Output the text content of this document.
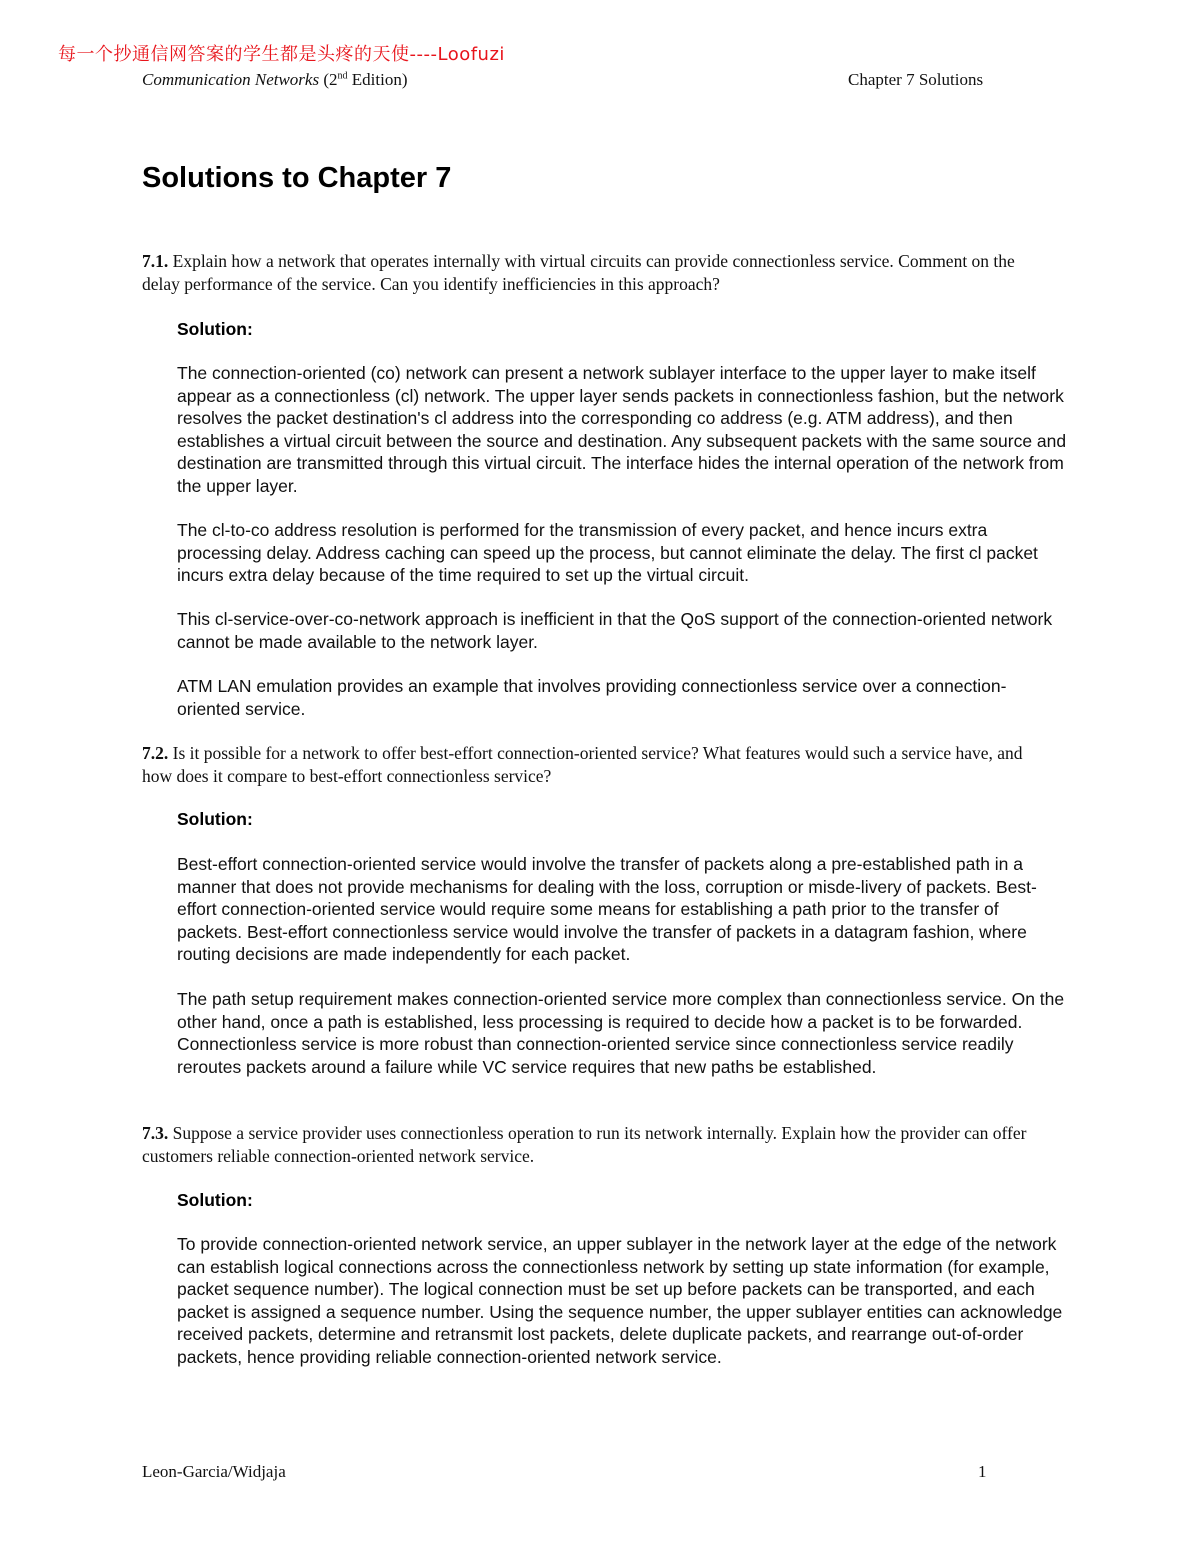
每一个抄通信网答案的学生都是头疼的天使----Loofuzi
Communication Networks (2nd Edition)	Chapter 7 Solutions
Solutions to Chapter 7
7.1. Explain how a network that operates internally with virtual circuits can provide connectionless service. Comment on the delay performance of the service. Can you identify inefficiencies in this approach?
Solution:
The connection-oriented (co) network can present a network sublayer interface to the upper layer to make itself appear as a connectionless (cl) network. The upper layer sends packets in connectionless fashion, but the network resolves the packet destination's cl address into the corresponding co address (e.g. ATM address), and then establishes a virtual circuit between the source and destination. Any subsequent packets with the same source and destination are transmitted through this virtual circuit. The interface hides the internal operation of the network from the upper layer.
The cl-to-co address resolution is performed for the transmission of every packet, and hence incurs extra processing delay. Address caching can speed up the process, but cannot eliminate the delay. The first cl packet incurs extra delay because of the time required to set up the virtual circuit.
This cl-service-over-co-network approach is inefficient in that the QoS support of the connection-oriented network cannot be made available to the network layer.
ATM LAN emulation provides an example that involves providing connectionless service over a connection-oriented service.
7.2. Is it possible for a network to offer best-effort connection-oriented service? What features would such a service have, and how does it compare to best-effort connectionless service?
Solution:
Best-effort connection-oriented service would involve the transfer of packets along a pre-established path in a manner that does not provide mechanisms for dealing with the loss, corruption or misde-livery of packets. Best-effort connection-oriented service would require some means for establishing a path prior to the transfer of packets. Best-effort connectionless service would involve the transfer of packets in a datagram fashion, where routing decisions are made independently for each packet.
The path setup requirement makes connection-oriented service more complex than connectionless service. On the other hand, once a path is established, less processing is required to decide how a packet is to be forwarded. Connectionless service is more robust than connection-oriented service since connectionless service readily reroutes packets around a failure while VC service requires that new paths be established.
7.3. Suppose a service provider uses connectionless operation to run its network internally. Explain how the provider can offer customers reliable connection-oriented network service.
Solution:
To provide connection-oriented network service, an upper sublayer in the network layer at the edge of the network can establish logical connections across the connectionless network by setting up state information (for example, packet sequence number). The logical connection must be set up before packets can be transported, and each packet is assigned a sequence number. Using the sequence number, the upper sublayer entities can acknowledge received packets, determine and retransmit lost packets, delete duplicate packets, and rearrange out-of-order packets, hence providing reliable connection-oriented network service.
Leon-Garcia/Widjaja	1
